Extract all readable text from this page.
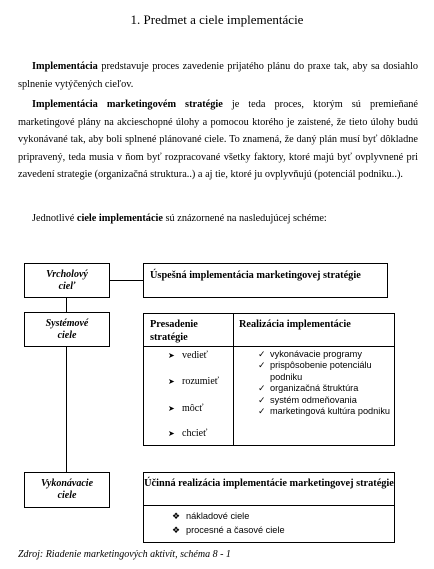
1. Predmet a ciele implementácie
Implementácia predstavuje proces zavedenie prijatého plánu do praxe tak, aby sa dosiahlo splnenie vytýčených cieľov.
Implementácia marketingovém stratégie je teda proces, ktorým sú premieňané marketingové plány na akcieschopné úlohy a pomocou ktorého je zaistené, že tieto úlohy budú vykonávané tak, aby boli splnené plánované ciele. To znamená, že daný plán musí byť dôkladne pripravený, teda musia v ňom byť rozpracované všetky faktory, ktoré majú byť ovplyvnené pri zavedení strategie (organizačná struktura..) a aj tie, ktoré ju ovplyvňujú (potenciál podniku..).
Jednotlivé ciele implementácie sú znázornené na nasledujúcej schéme:
Vrcholový
cieľ
Systémové
ciele
Vykonávacie
ciele
Úspešná implementácia marketingovej stratégie
Presadenie stratégie
Realizácia implementácie
➤ vedieť
➤ rozumieť
➤ môcť
➤ chcieť
✓ vykonávacie programy
✓ prispôsobenie potenciálu podniku
✓ organizačná štruktúra
✓ systém odmeňovania
✓ marketingová kultúra podniku
Účinná realizácia implementácie marketingovej stratégie
❖ nákladové ciele
❖ procesné a časové ciele
Zdroj: Riadenie marketingových aktivít, schéma 8 - 1
